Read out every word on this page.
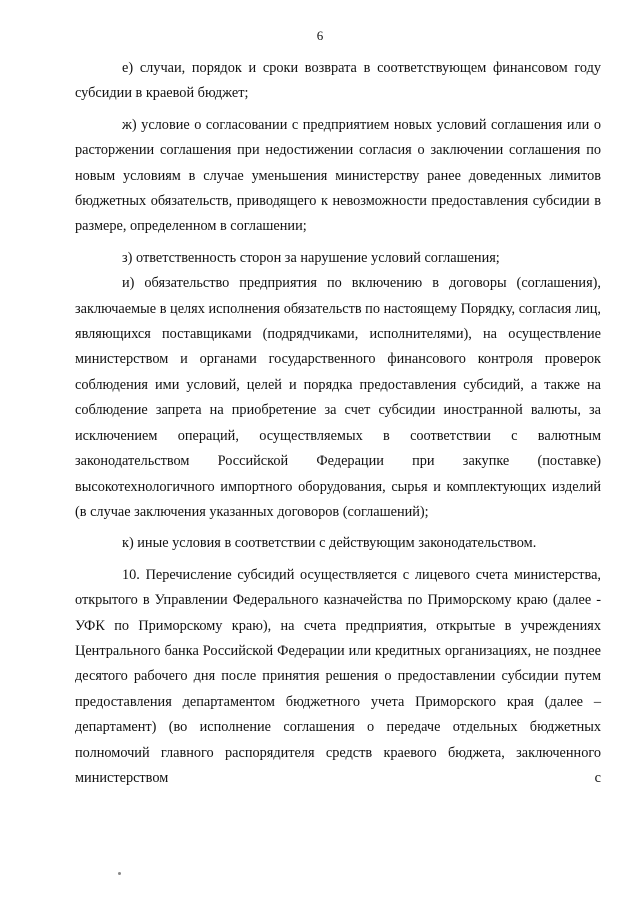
6

е) случаи, порядок и сроки возврата в соответствующем финансовом году субсидии в краевой бюджет;

ж) условие о согласовании с предприятием новых условий соглашения или о расторжении соглашения при недостижении согласия о заключении соглашения по новым условиям в случае уменьшения министерству ранее доведенных лимитов бюджетных обязательств, приводящего к невозможности предоставления субсидии в размере, определенном в соглашении;

з) ответственность сторон за нарушение условий соглашения;

и) обязательство предприятия по включению в договоры (соглашения), заключаемые в целях исполнения обязательств по настоящему Порядку, согласия лиц, являющихся поставщиками (подрядчиками, исполнителями), на осуществление министерством и органами государственного финансового контроля проверок соблюдения ими условий, целей и порядка предоставления субсидий, а также на соблюдение запрета на приобретение за счет субсидии иностранной валюты, за исключением операций, осуществляемых в соответствии с валютным законодательством Российской Федерации при закупке (поставке) высокотехнологичного импортного оборудования, сырья и комплектующих изделий (в случае заключения указанных договоров (соглашений);

к) иные условия в соответствии с действующим законодательством.

10. Перечисление субсидий осуществляется с лицевого счета министерства, открытого в Управлении Федерального казначейства по Приморскому краю (далее - УФК по Приморскому краю), на счета предприятия, открытые в учреждениях Центрального банка Российской Федерации или кредитных организациях, не позднее десятого рабочего дня после принятия решения о предоставлении субсидии путем предоставления департаментом бюджетного учета Приморского края (далее – департамент) (во исполнение соглашения о передаче отдельных бюджетных полномочий главного распорядителя средств краевого бюджета, заключенного министерством с
